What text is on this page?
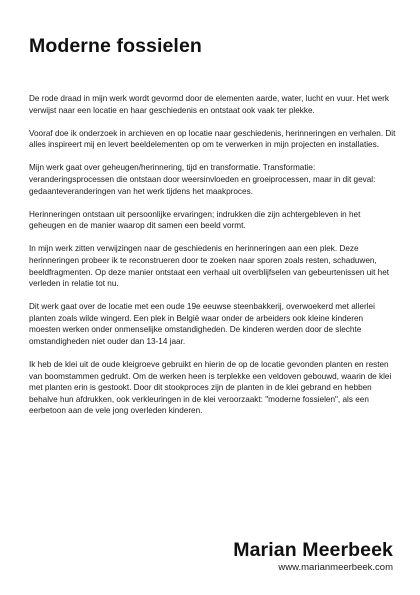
Moderne fossielen

De rode draad in mijn werk wordt gevormd door de elementen aarde, water, lucht en vuur. Het werk verwijst naar een locatie en haar geschiedenis en ontstaat ook vaak ter plekke.

Vooraf doe ik onderzoek in archieven en op locatie naar geschiedenis, herinneringen en verhalen. Dit alles inspireert mij en levert beeldelementen op om te verwerken in mijn projecten en installaties.

Mijn werk gaat over geheugen/herinnering, tijd en transformatie. Transformatie: veranderingsprocessen die ontstaan door weersinvloeden en groeiprocessen, maar in dit geval: gedaanteveranderingen van het werk tijdens het maakproces.

Herinneringen ontstaan uit persoonlijke ervaringen; indrukken die zijn achtergebleven in het geheugen en de manier waarop dit samen een beeld vormt.

In mijn werk zitten verwijzingen naar de geschiedenis en herinneringen aan een plek. Deze herinneringen probeer ik te reconstrueren door te zoeken naar sporen zoals resten, schaduwen, beeldfragmenten. Op deze manier ontstaat een verhaal uit overblijfselen van gebeurtenissen uit het verleden in relatie tot nu.

Dit werk gaat over de locatie met een oude 19e eeuwse steenbakkerij, overwoekerd met allerlei planten zoals wilde wingerd. Een plek in België waar onder de arbeiders ook kleine kinderen moesten werken onder onmenselijke omstandigheden. De kinderen werden door de slechte omstandigheden niet ouder dan 13-14 jaar.

Ik heb de klei uit de oude kleigroeve gebruikt en hierin de op de locatie gevonden planten en resten van boomstammen gedrukt. Om de werken heen is terplekke een veldoven gebouwd, waarin de klei met planten erin is gestookt. Door dit stookproces zijn de planten in de klei gebrand en hebben behalve hun afdrukken, ook verkleuringen in de klei veroorzaakt: "moderne fossielen", als een eerbetoon aan de vele jong overleden kinderen.

Marian Meerbeek
www.marianmeerbeek.com
